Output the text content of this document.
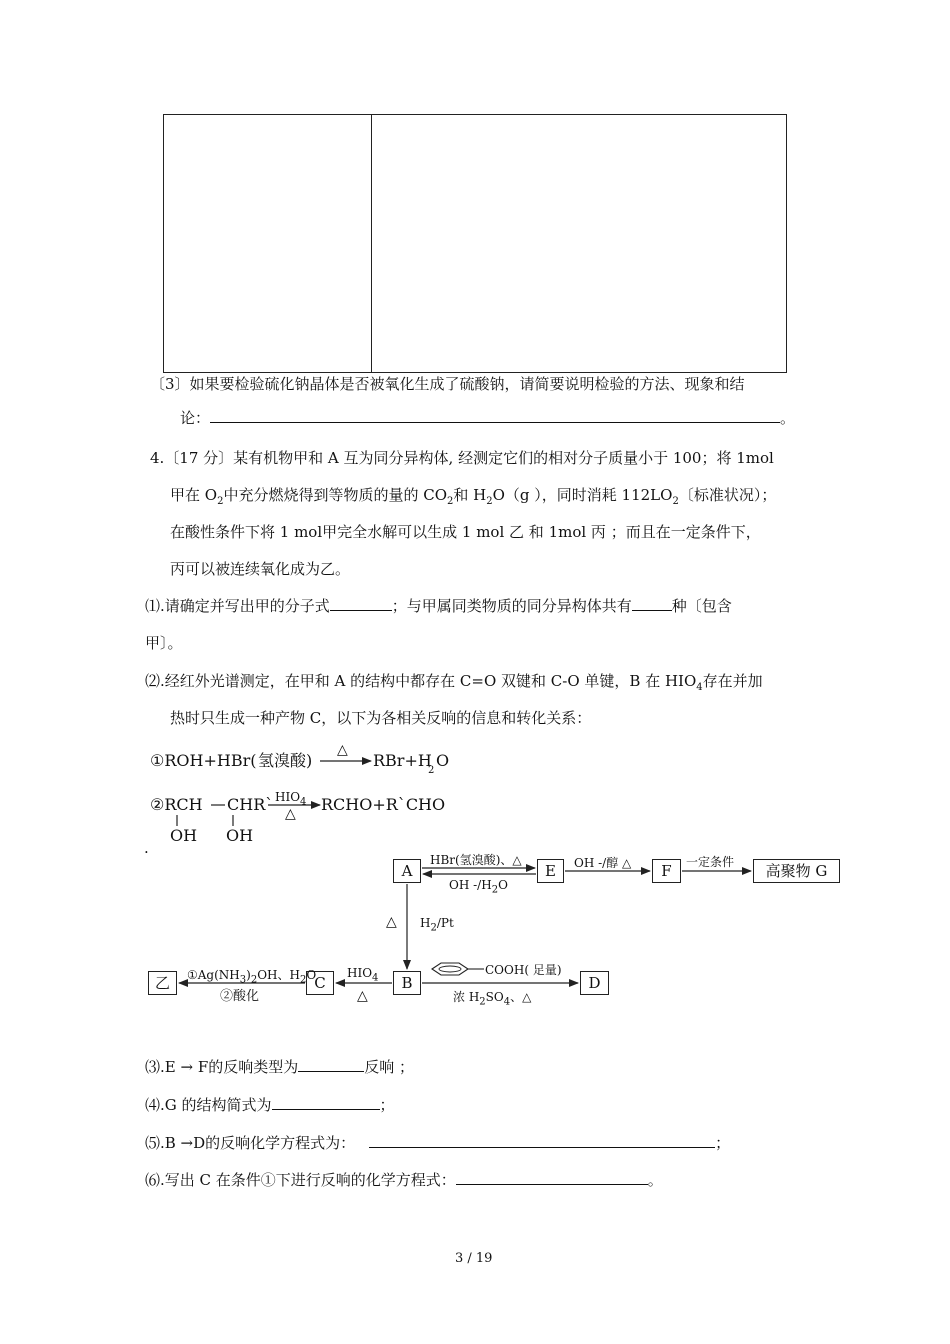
〔3〕如果要检验硫化钠晶体是否被氧化生成了硫酸钠，请简要说明检验的方法、现象和结
论：	。
4.〔17 分〕某有机物甲和 A 互为同分异构体, 经测定它们的相对分子质量小于 100；将 1mol
甲在 $O_2$中充分燃烧得到等物质的量的 $CO_2$和 $H_2O(g$ ），同时消耗 $112LO_2$〔标准状况）；
在酸性条件下将 1 mol甲完全水解可以生成 1 mol 乙 和 1mol 丙 ；而且在一定条件下，
丙可以被连续氧化成为乙。
⑴.请确定并写出甲的分子式	；与甲属同类物质的同分异构体共有	种〔包含
甲〕。
⑵.经红外光谱测定，在甲和 A 的结构中都存在 C=O 双键和 C-O 单键，B 在 $HIO_4$存在并加
热时只生成一种产物 C，以下为各相关反响的信息和转化关系：
①ROH+HBr( 氢溴酸)
△
RBr+H
2
O
②RCH CHR` $HIO_4$
△ RCHO+R`CHO
OH OH
.
A	E	F	高聚物 G
B
C	D
乙
HBr(氢溴酸)、△
OH $-/H_2O$
OH -/醇 △	一定条件
△ $H_2/Pt$
$HIO_4$
△
$①Ag(NH_3)_2OH$、$H_2O$
②酸化
COOH( 足量)
浓 $H_2SO_4$、△
⑶.E → F的反响类型为	反响 ；
⑷.G 的结构简式为	；
⑸.B →D的反响化学方程式为：	；
⑹.写出 C 在条件①下进行反响的化学方程式：	。
3 / 19
